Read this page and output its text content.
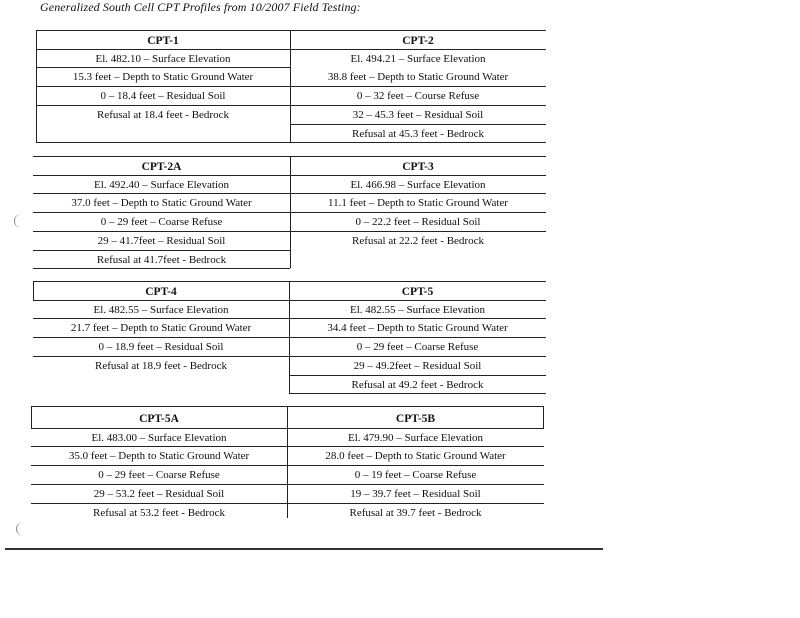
Generalized South Cell CPT Profiles from 10/2007 Field Testing:
CPT-1
El. 482.10 – Surface Elevation
15.3 feet – Depth to Static Ground Water
0 – 18.4 feet – Residual Soil
Refusal at 18.4 feet - Bedrock
CPT-2
El. 494.21 – Surface Elevation
38.8 feet – Depth to Static Ground Water
0 – 32 feet – Course Refuse
32 – 45.3 feet – Residual Soil
Refusal at 45.3 feet - Bedrock
CPT-2A
El. 492.40 – Surface Elevation
37.0 feet – Depth to Static Ground Water
0 – 29 feet – Coarse Refuse
29 – 41.7feet – Residual Soil
Refusal at 41.7feet - Bedrock
CPT-3
El. 466.98 – Surface Elevation
11.1 feet – Depth to Static Ground Water
0 – 22.2 feet – Residual Soil
Refusal at 22.2 feet - Bedrock
CPT-4
El. 482.55 – Surface Elevation
21.7 feet – Depth to Static Ground Water
0 – 18.9 feet – Residual Soil
Refusal at 18.9 feet - Bedrock
CPT-5
El. 482.55 – Surface Elevation
34.4 feet – Depth to Static Ground Water
0 – 29 feet – Coarse Refuse
29 – 49.2feet – Residual Soil
Refusal at 49.2 feet - Bedrock
CPT-5A
El. 483.00 – Surface Elevation
35.0 feet – Depth to Static Ground Water
0 – 29 feet – Coarse Refuse
29 – 53.2 feet – Residual Soil
Refusal at 53.2 feet - Bedrock
CPT-5B
El. 479.90 – Surface Elevation
28.0 feet – Depth to Static Ground Water
0 – 19 feet – Coarse Refuse
19 – 39.7 feet – Residual Soil
Refusal at 39.7 feet - Bedrock
